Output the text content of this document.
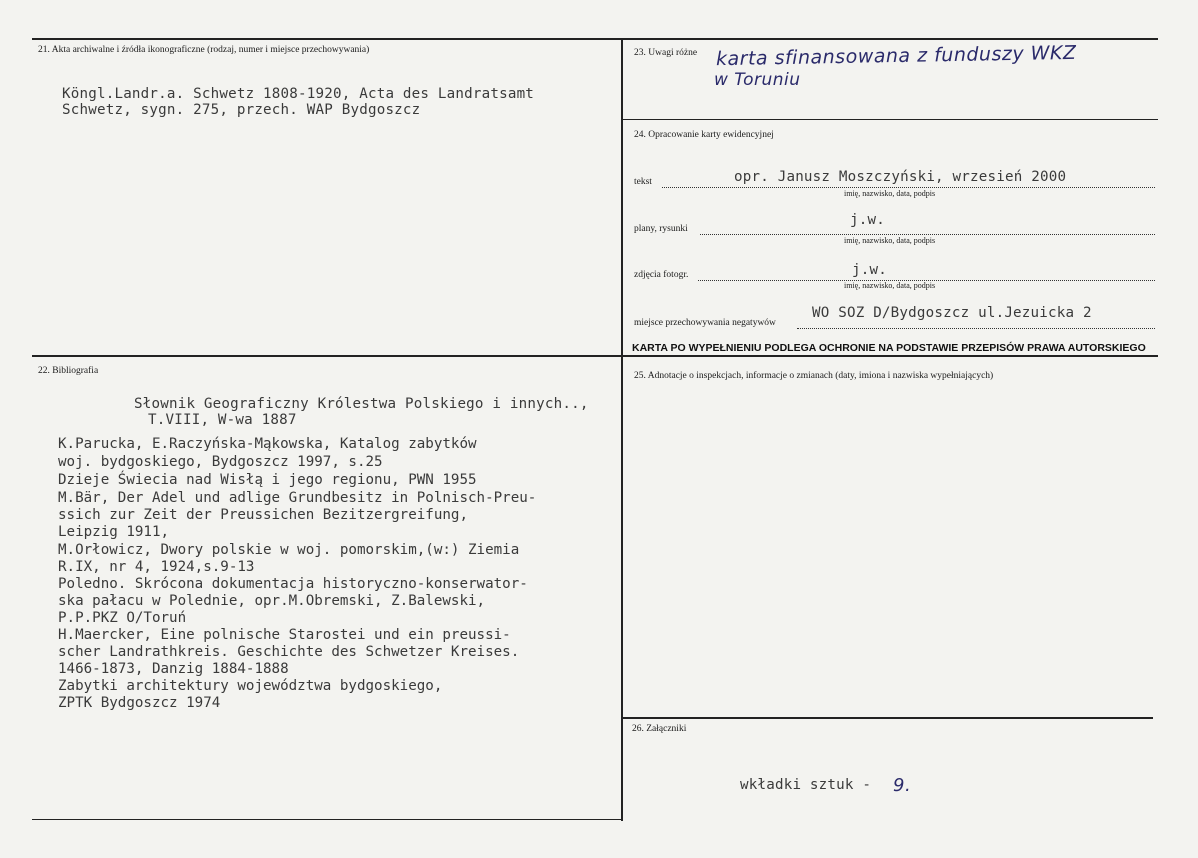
21. Akta archiwalne i źródła ikonograficzne (rodzaj, numer i miejsce przechowywania)
Köngl.Landr.a. Schwetz 1808-1920, Acta des Landratsamt
Schwetz, sygn. 275, przech. WAP Bydgoszcz
23. Uwagi różne karta sfinansowana z funduszy WKZ
w Toruniu
24. Opracowanie karty ewidencyjnej
tekst	opr. Janusz Moszczyński, wrzesień 2000
imię, nazwisko, data, podpis
plany, rysunki
j.w.
imię, nazwisko, data, podpis
zdjęcia fotogr.	j.w.
imię, nazwisko, data, podpis
miejsce przechowywania negatywów
WO SOZ D/Bydgoszcz ul.Jezuicka 2
KARTA PO WYPEŁNIENIU PODLEGA OCHRONIE NA PODSTAWIE PRZEPISÓW PRAWA AUTORSKIEGO
22. Bibliografia
Słownik Geograficzny Królestwa Polskiego i innych..,
T.VIII, W-wa 1887
K.Parucka, E.Raczyńska-Mąkowska, Katalog zabytków
woj. bydgoskiego, Bydgoszcz 1997, s.25
Dzieje Świecia nad Wisłą i jego regionu, PWN 1955
M.Bär, Der Adel und adlige Grundbesitz in Polnisch-Preu-
ssich zur Zeit der Preussichen Bezitzergreifung,
Leipzig 1911,
M.Orłowicz, Dwory polskie w woj. pomorskim,(w:) Ziemia
R.IX, nr 4, 1924,s.9-13
Poledno. Skrócona dokumentacja historyczno-konserwator-
ska pałacu w Polednie, opr.M.Obremski, Z.Balewski,
P.P.PKZ O/Toruń
H.Maercker, Eine polnische Starostei und ein preussi-
scher Landrathkreis. Geschichte des Schwetzer Kreises.
1466-1873, Danzig 1884-1888
Zabytki architektury województwa bydgoskiego,
ZPTK Bydgoszcz 1974
25. Adnotacje o inspekcjach, informacje o zmianach (daty, imiona i nazwiska wypełniających)
26. Załączniki
wkładki sztuk - 9.
